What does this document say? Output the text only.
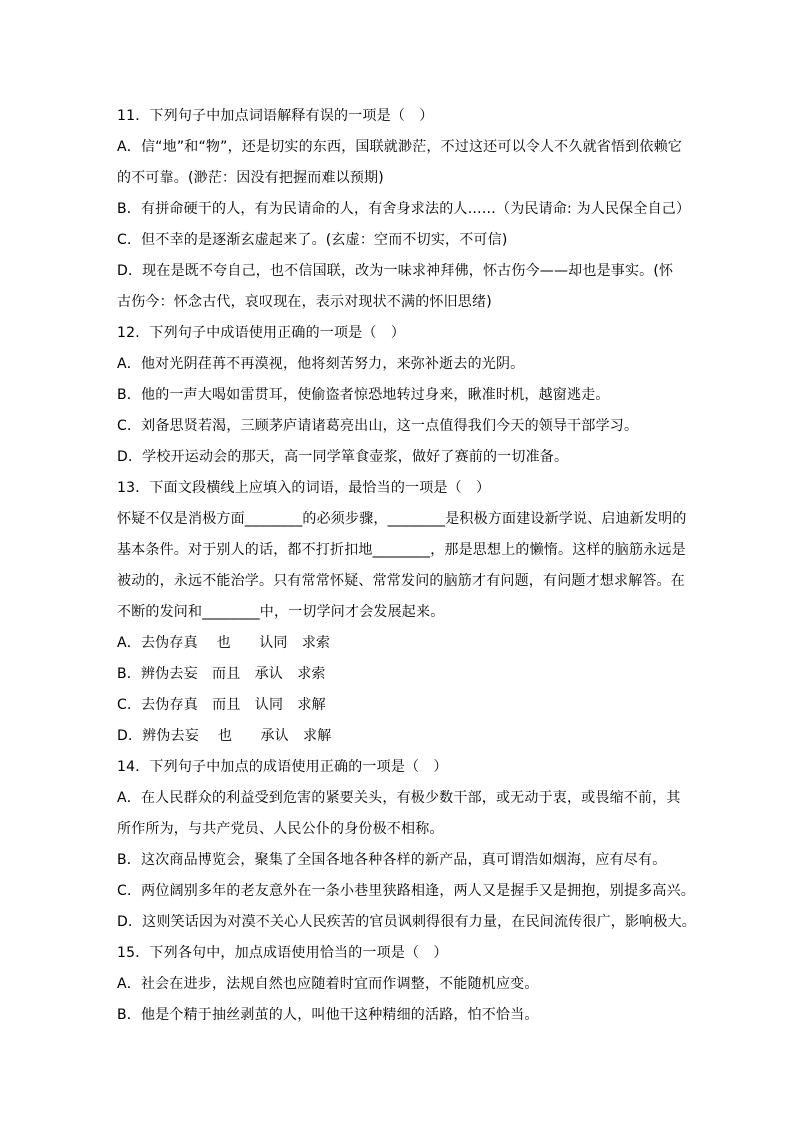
11．下列句子中加点词语解释有误的一项是（　）
A．信“地”和“物”，还是切实的东西，国联就渺茫，不过这还可以令人不久就省悟到依赖它
的不可靠。(渺茫：因没有把握而难以预期)
B．有拼命硬干的人，有为民请命的人，有舍身求法的人……（为民请命: 为人民保全自己）
C．但不幸的是逐渐玄虚起来了。(玄虚：空而不切实，不可信)
D．现在是既不夸自己，也不信国联，改为一味求神拜佛，怀古伤今——却也是事实。(怀
古伤今：怀念古代，哀叹现在，表示对现状不满的怀旧思绪)
12．下列句子中成语使用正确的一项是（　）
A．他对光阴荏苒不再漠视，他将刻苦努力，来弥补逝去的光阴。
B．他的一声大喝如雷贯耳，使偷盗者惊恐地转过身来，瞅准时机，越窗逃走。
C．刘备思贤若渴，三顾茅庐请诸葛亮出山，这一点值得我们今天的领导干部学习。
D．学校开运动会的那天，高一同学箪食壶浆，做好了赛前的一切准备。
13．下面文段横线上应填入的词语，最恰当的一项是（　）
怀疑不仅是消极方面________的必须步骤，________是积极方面建设新学说、启迪新发明的
基本条件。对于别人的话，都不打折扣地________，那是思想上的懒惰。这样的脑筋永远是
被动的，永远不能治学。只有常常怀疑、常常发问的脑筋才有问题，有问题才想求解答。在
不断的发问和________中，一切学问才会发展起来。
A．去伪存真　 也　　认同　求索
B．辨伪去妄　而且　承认　求索
C．去伪存真　而且　认同　求解
D．辨伪去妄　 也　　承认　求解
14．下列句子中加点的成语使用正确的一项是（　）
A．在人民群众的利益受到危害的紧要关头，有极少数干部，或无动于衷，或畏缩不前，其
所作所为，与共产党员、人民公仆的身份极不相称。
B．这次商品博览会，聚集了全国各地各种各样的新产品，真可谓浩如烟海，应有尽有。
C．两位阔别多年的老友意外在一条小巷里狭路相逢，两人又是握手又是拥抱，别提多高兴。
D．这则笑话因为对漠不关心人民疾苦的官员讽刺得很有力量，在民间流传很广，影响极大。
15．下列各句中，加点成语使用恰当的一项是（　）
A．社会在进步，法规自然也应随着时宜而作调整，不能随机应变。
B．他是个精于抽丝剥茧的人，叫他干这种精细的活路，怕不恰当。
